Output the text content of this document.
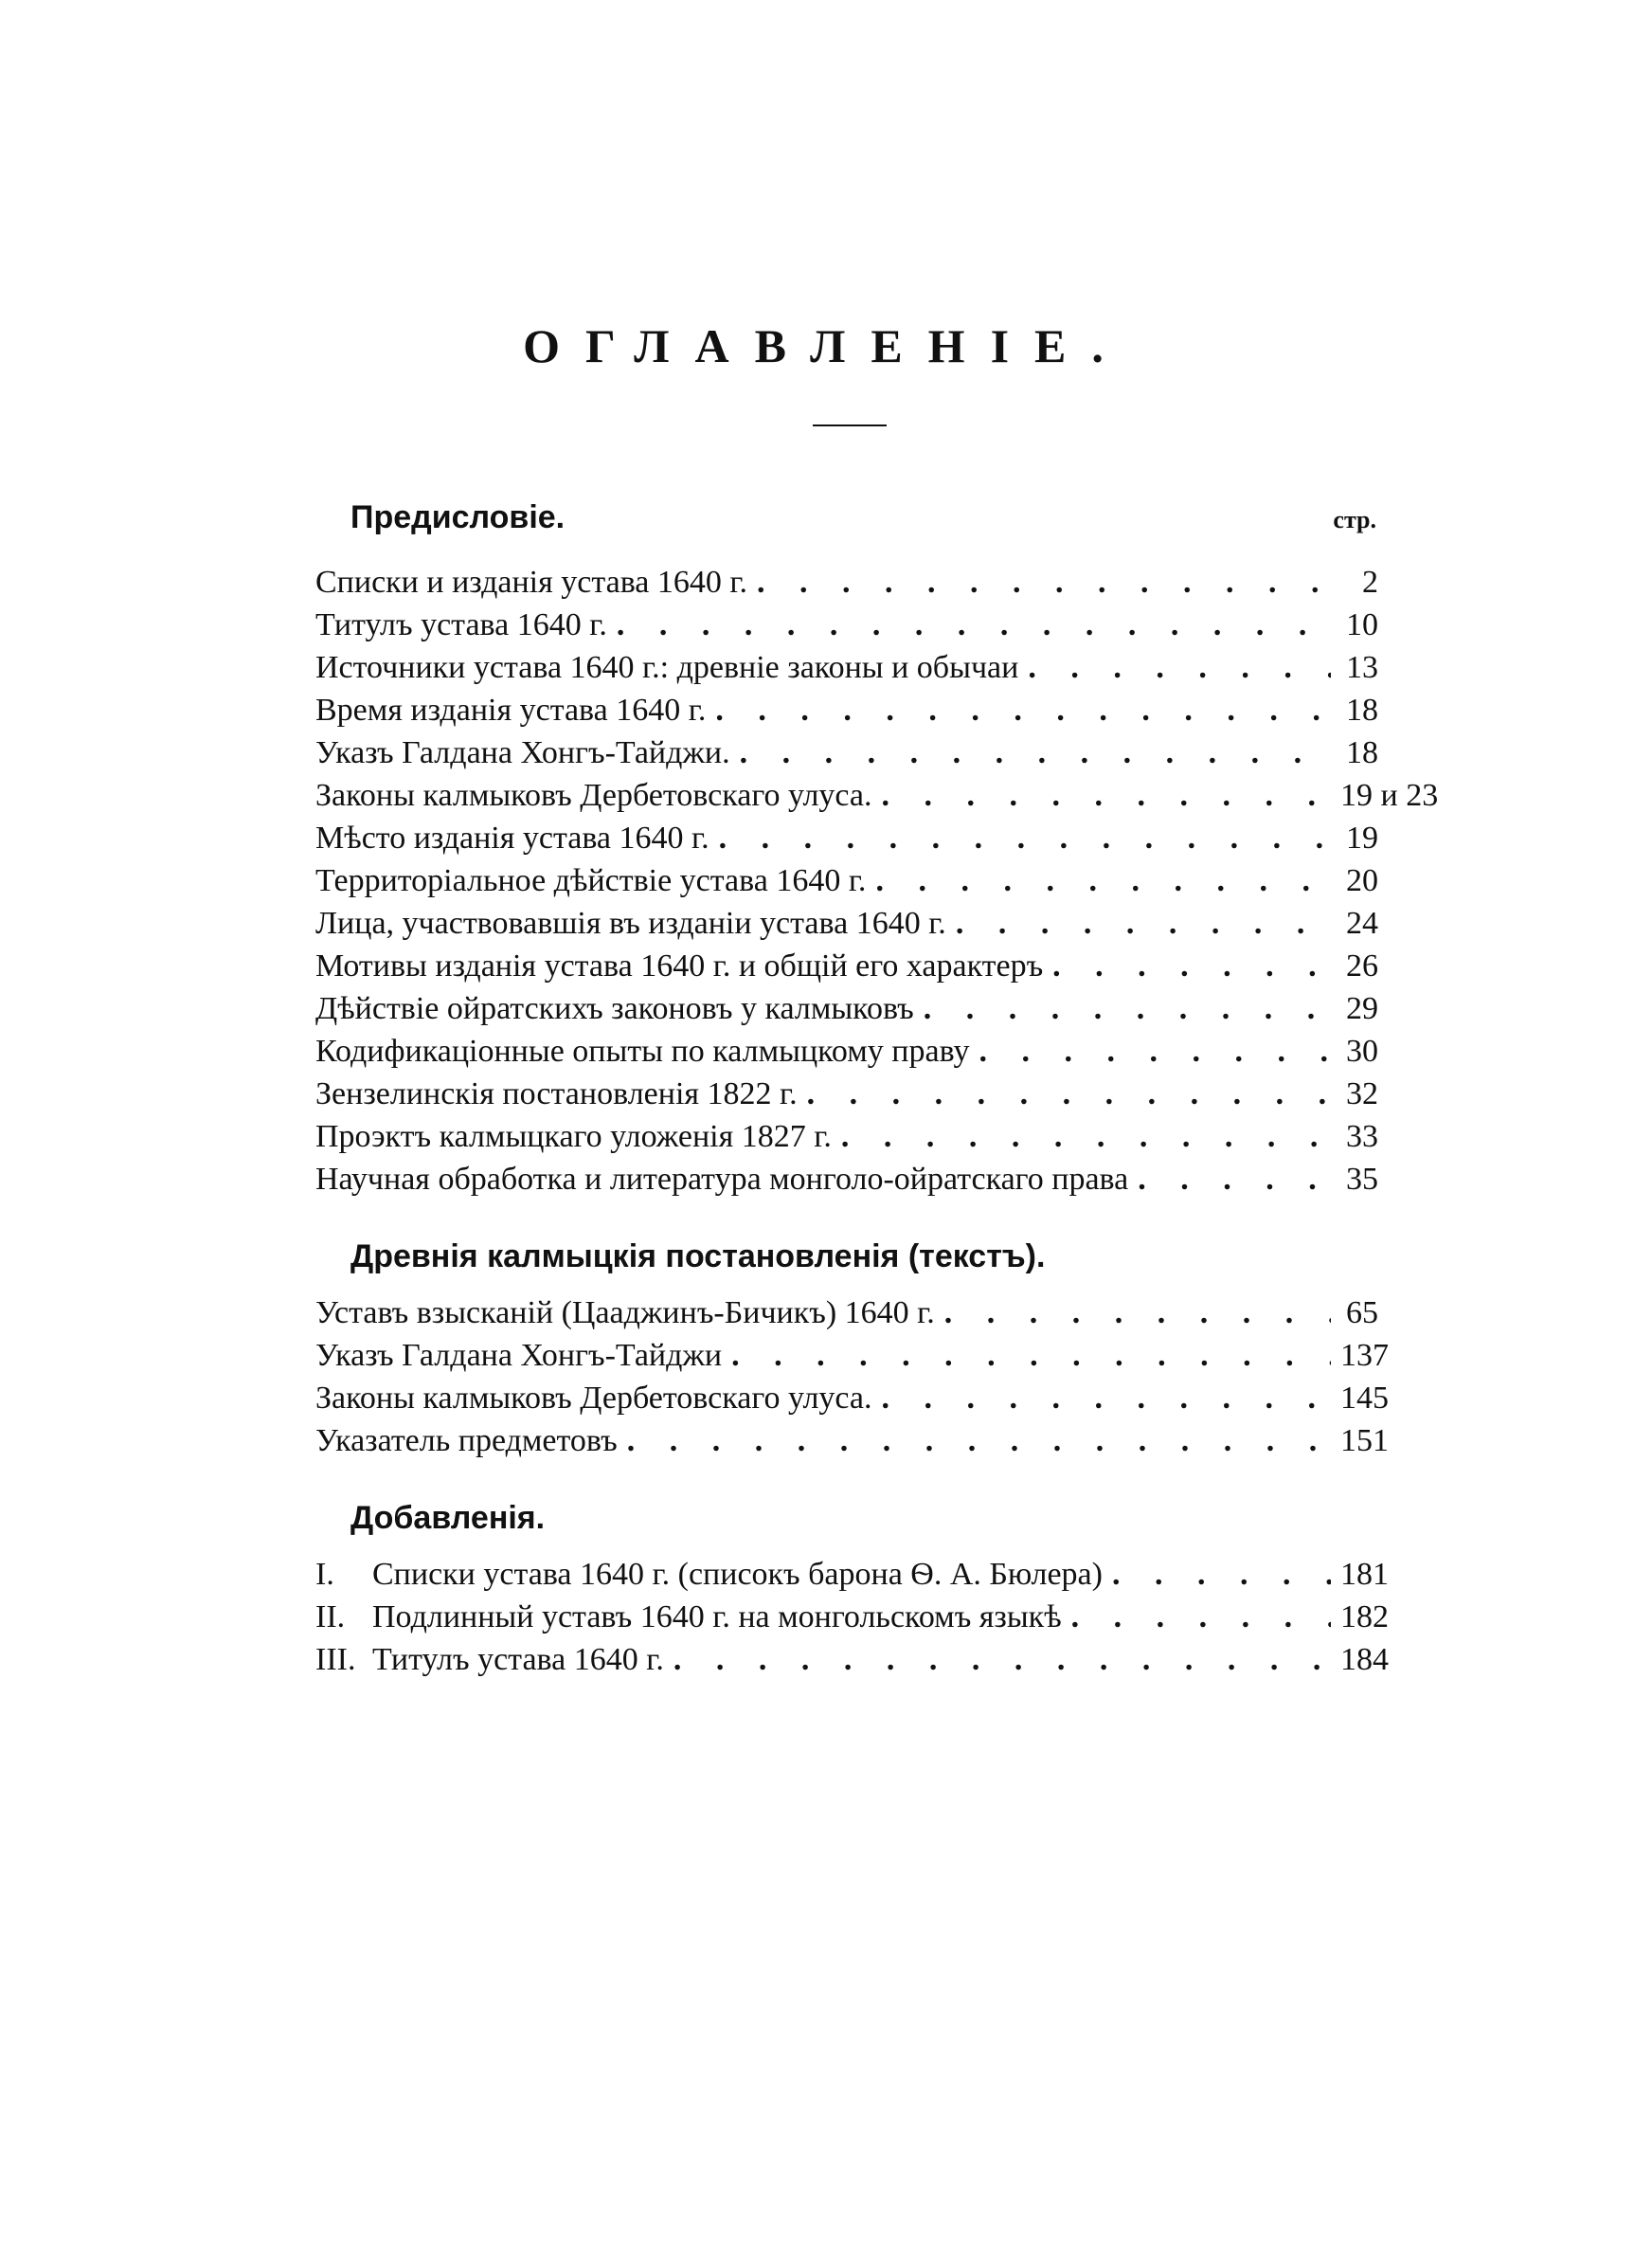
ОГЛАВЛЕНІЕ.
Предисловіе.	стр.
Списки и изданія устава 1640 г. . . .	2
Титулъ устава 1640 г. . . .	10
Источники устава 1640 г.: древніе законы и обычаи . . .	13
Время изданія устава 1640 г. . . .	18
Указъ Галдана Хонгъ-Тайджи. . . .	18
Законы калмыковъ Дербетовскаго улуса. . . .	19 и 23
Мѣсто изданія устава 1640 г. . . .	19
Территоріальное дѣйствіе устава 1640 г. . . .	20
Лица, участвовавшія въ изданіи устава 1640 г. . . .	24
Мотивы изданія устава 1640 г. и общій его характеръ . . .	26
Дѣйствіе ойратскихъ законовъ у калмыковъ . . .	29
Кодификаціонные опыты по калмыцкому праву . . .	30
Зензелинскія постановленія 1822 г. . . .	32
Проэктъ калмыцкаго уложенія 1827 г. . . .	33
Научная обработка и литература монголо-ойратскаго права . . .	35
Древнія калмыцкія постановленія (текстъ).
Уставъ взысканій (Цааджинъ-Бичикъ) 1640 г. . . .	65
Указъ Галдана Хонгъ-Тайджи . . .	137
Законы калмыковъ Дербетовскаго улуса. . . .	145
Указатель предметовъ . . .	151
Добавленія.
I. Списки устава 1640 г. (списокъ барона Ѳ. А. Бюлера) . . .	181
II. Подлинный уставъ 1640 г. на монгольскомъ языкѣ . . .	182
III. Титулъ устава 1640 г. . . .	184
